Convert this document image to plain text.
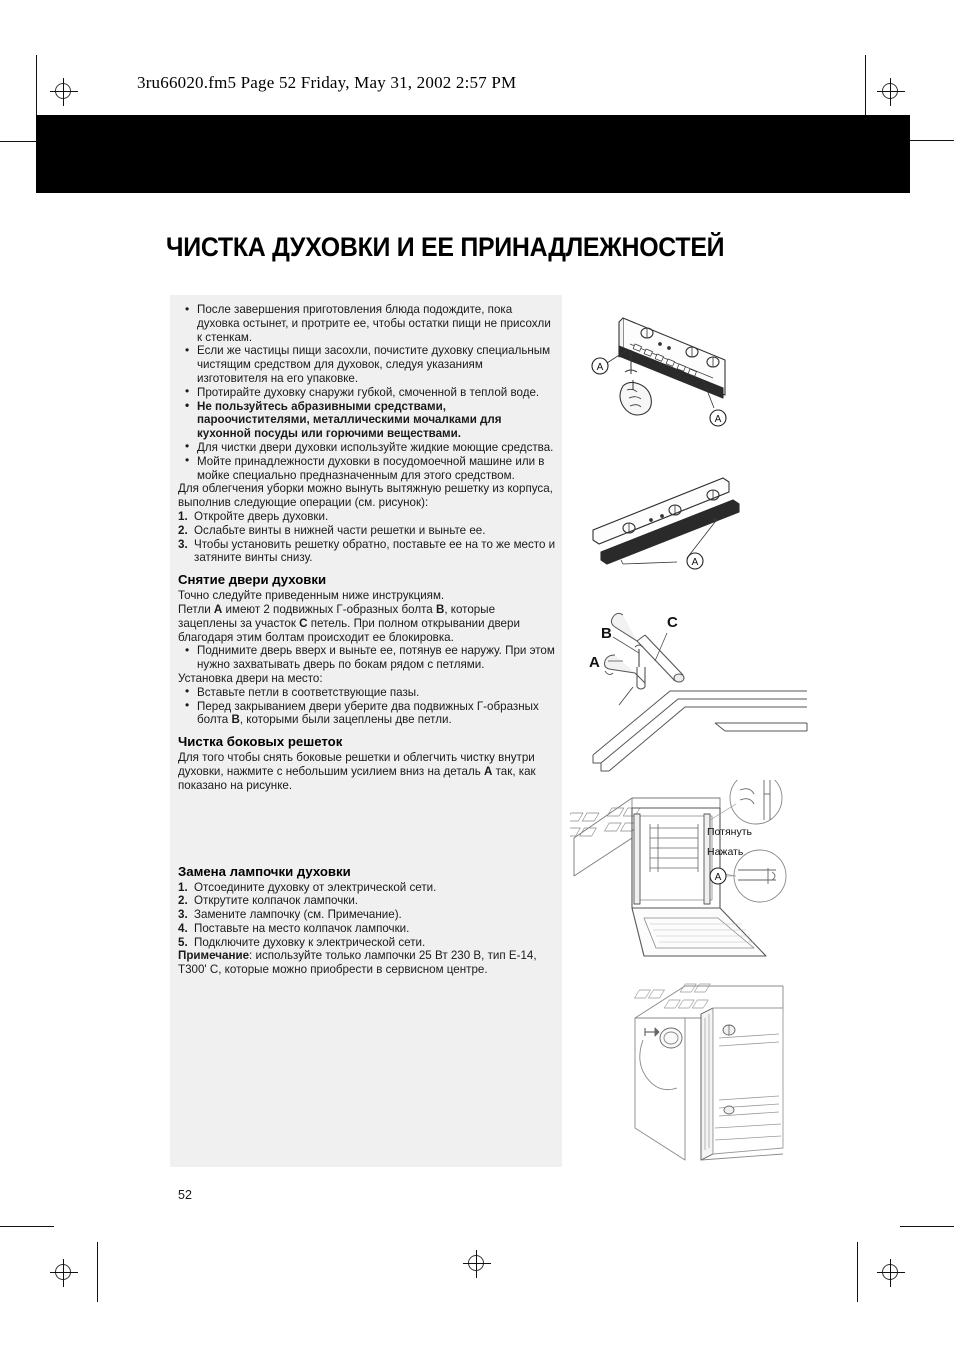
3ru66020.fm5 Page 52 Friday, May 31, 2002 2:57 PM
ЧИСТКА ДУХОВКИ И ЕЕ ПРИНАДЛЕЖНОСТЕЙ
• После завершения приготовления блюда подождите, пока духовка остынет, и протрите ее, чтобы остатки пищи не присохли к стенкам.
• Если же частицы пищи засохли, почистите духовку специальным чистящим средством для духовок, следуя указаниям изготовителя на его упаковке.
• Протирайте духовку снаружи губкой, смоченной в теплой воде.
• Не пользуйтесь абразивными средствами, пароочистителями, металлическими мочалками для кухонной посуды или горючими веществами.
• Для чистки двери духовки используйте жидкие моющие средства.
• Мойте принадлежности духовки в посудомоечной машине или в мойке специально предназначенным для этого средством.

Для облегчения уборки можно вынуть вытяжную решетку из корпуса, выполнив следующие операции (см. рисунок):

1. Откройте дверь духовки.
2. Ослабьте винты в нижней части решетки и выньте ее.
3. Чтобы установить решетку обратно, поставьте ее на то же место и затяните винты снизу.
Снятие двери духовки

Точно следуйте приведенным ниже инструкциям.

Петли A имеют 2 подвижных Г-образных болта B, которые зацеплены за участок C петель. При полном открывании двери благодаря этим болтам происходит ее блокировка.

• Поднимите дверь вверх и выньте ее, потянув ее наружу. При этом нужно захватывать дверь по бокам рядом с петлями.

Установка двери на место:

• Вставьте петли в соответствующие пазы.
• Перед закрыванием двери уберите два подвижных Г-образных болта B, которыми были зацеплены две петли.
Чистка боковых решеток

Для того чтобы снять боковые решетки и облегчить чистку внутри духовки, нажмите с небольшим усилием вниз на деталь A так, как показано на рисунке.

Замена лампочки духовки
1. Отсоедините духовку от электрической сети.
2. Открутите колпачок лампочки.
3. Замените лампочку (см. Примечание).
4. Поставьте на место колпачок лампочки.
5. Подключите духовку к электрической сети.

Примечание: используйте только лампочки 25 Вт 230 В, тип Е-14, T300' C, которые можно приобрести в сервисном центре.

52
A
A
A
A
B
C
A
Потянуть
Нажать
